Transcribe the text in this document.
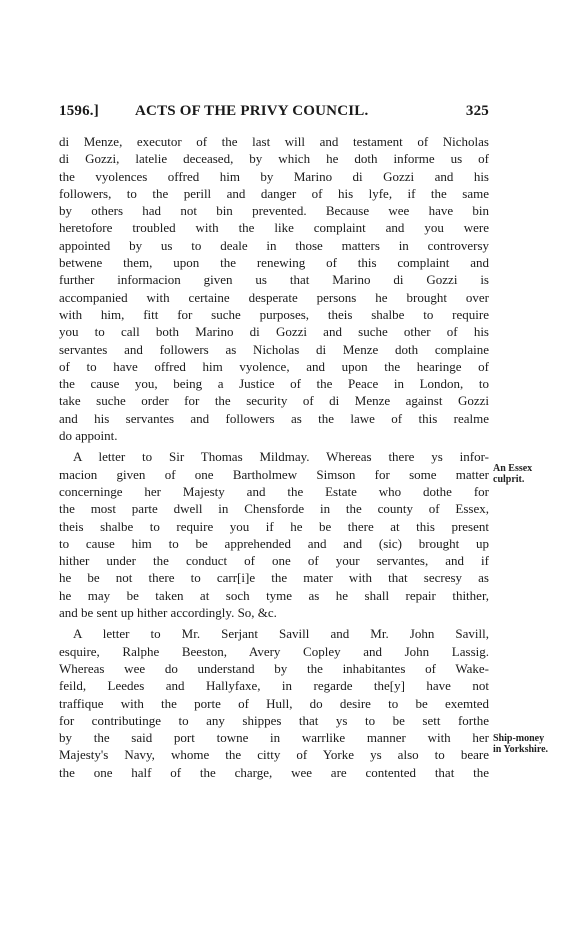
1596.] ACTS OF THE PRIVY COUNCIL.	325

di Menze, executor of the last will and testament of Nicholas
di Gozzi, latelie deceased, by which he doth informe us of
the vyolences offred him by Marino di Gozzi and his
followers, to the perill and danger of his lyfe, if the same
by others had not bin prevented. Because wee have bin
heretofore troubled with the like complaint and you were
appointed by us to deale in those matters in controversy
betwene them, upon the renewing of this complaint and
further informacion given us that Marino di Gozzi is
accompanied with certaine desperate persons he brought over
with him, fitt for suche purposes, theis shalbe to require
you to call both Marino di Gozzi and suche other of his
servantes and followers as Nicholas di Menze doth complaine
of to have offred him vyolence, and upon the hearinge of
the cause you, being a Justice of the Peace in London, to
take suche order for the security of di Menze against Gozzi
and his servantes and followers as the lawe of this realme
do appoint.

A letter to Sir Thomas Mildmay. Whereas there ys infor-
macion given of one Bartholmew Simson for some matter
concerninge her Majesty and the Estate who dothe for
the most parte dwell in Chensforde in the county of Essex,
theis shalbe to require you if he be there at this present
to cause him to be apprehended and and (sic) brought up
hither under the conduct of one of your servantes, and if
he be not there to carr[i]e the mater with that secresy as
he may be taken at soch tyme as he shall repair thither,
and be sent up hither accordingly. So, &c.

A letter to Mr. Serjant Savill and Mr. John Savill,
esquire, Ralphe Beeston, Avery Copley and John Lassig.
Whereas wee do understand by the inhabitantes of Wake-
feild, Leedes and Hallyfaxe, in regarde the[y] have not
traffique with the porte of Hull, do desire to be exemted
for contributinge to any shippes that ys to be sett forthe
by the said port towne in warrlike manner with her
Majesty's Navy, whome the citty of Yorke ys also to beare
the one half of the charge, wee are contented that the

An Essex
culprit.
Ship-money
in Yorkshire.
